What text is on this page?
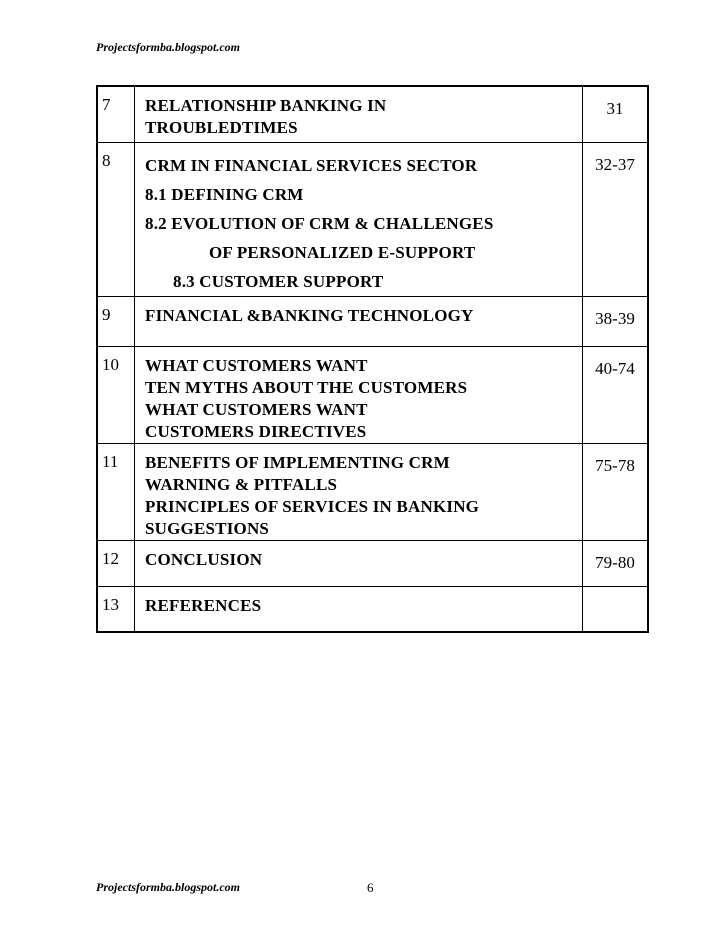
Projectsformba.blogspot.com
7	RELATIONSHIP BANKING IN
TROUBLEDTIMES	31
8	CRM IN FINANCIAL SERVICES SECTOR
8.1 DEFINING CRM
8.2 EVOLUTION OF CRM & CHALLENGES
OF PERSONALIZED E-SUPPORT
8.3 CUSTOMER SUPPORT	32-37
9	FINANCIAL &BANKING TECHNOLOGY	38-39
10	WHAT CUSTOMERS WANT
TEN MYTHS ABOUT THE CUSTOMERS
WHAT CUSTOMERS WANT
CUSTOMERS DIRECTIVES	40-74
11	BENEFITS OF IMPLEMENTING CRM
WARNING & PITFALLS
PRINCIPLES OF SERVICES IN BANKING
SUGGESTIONS	75-78
12	CONCLUSION	79-80
13	REFERENCES	

Projectsformba.blogspot.com	6
